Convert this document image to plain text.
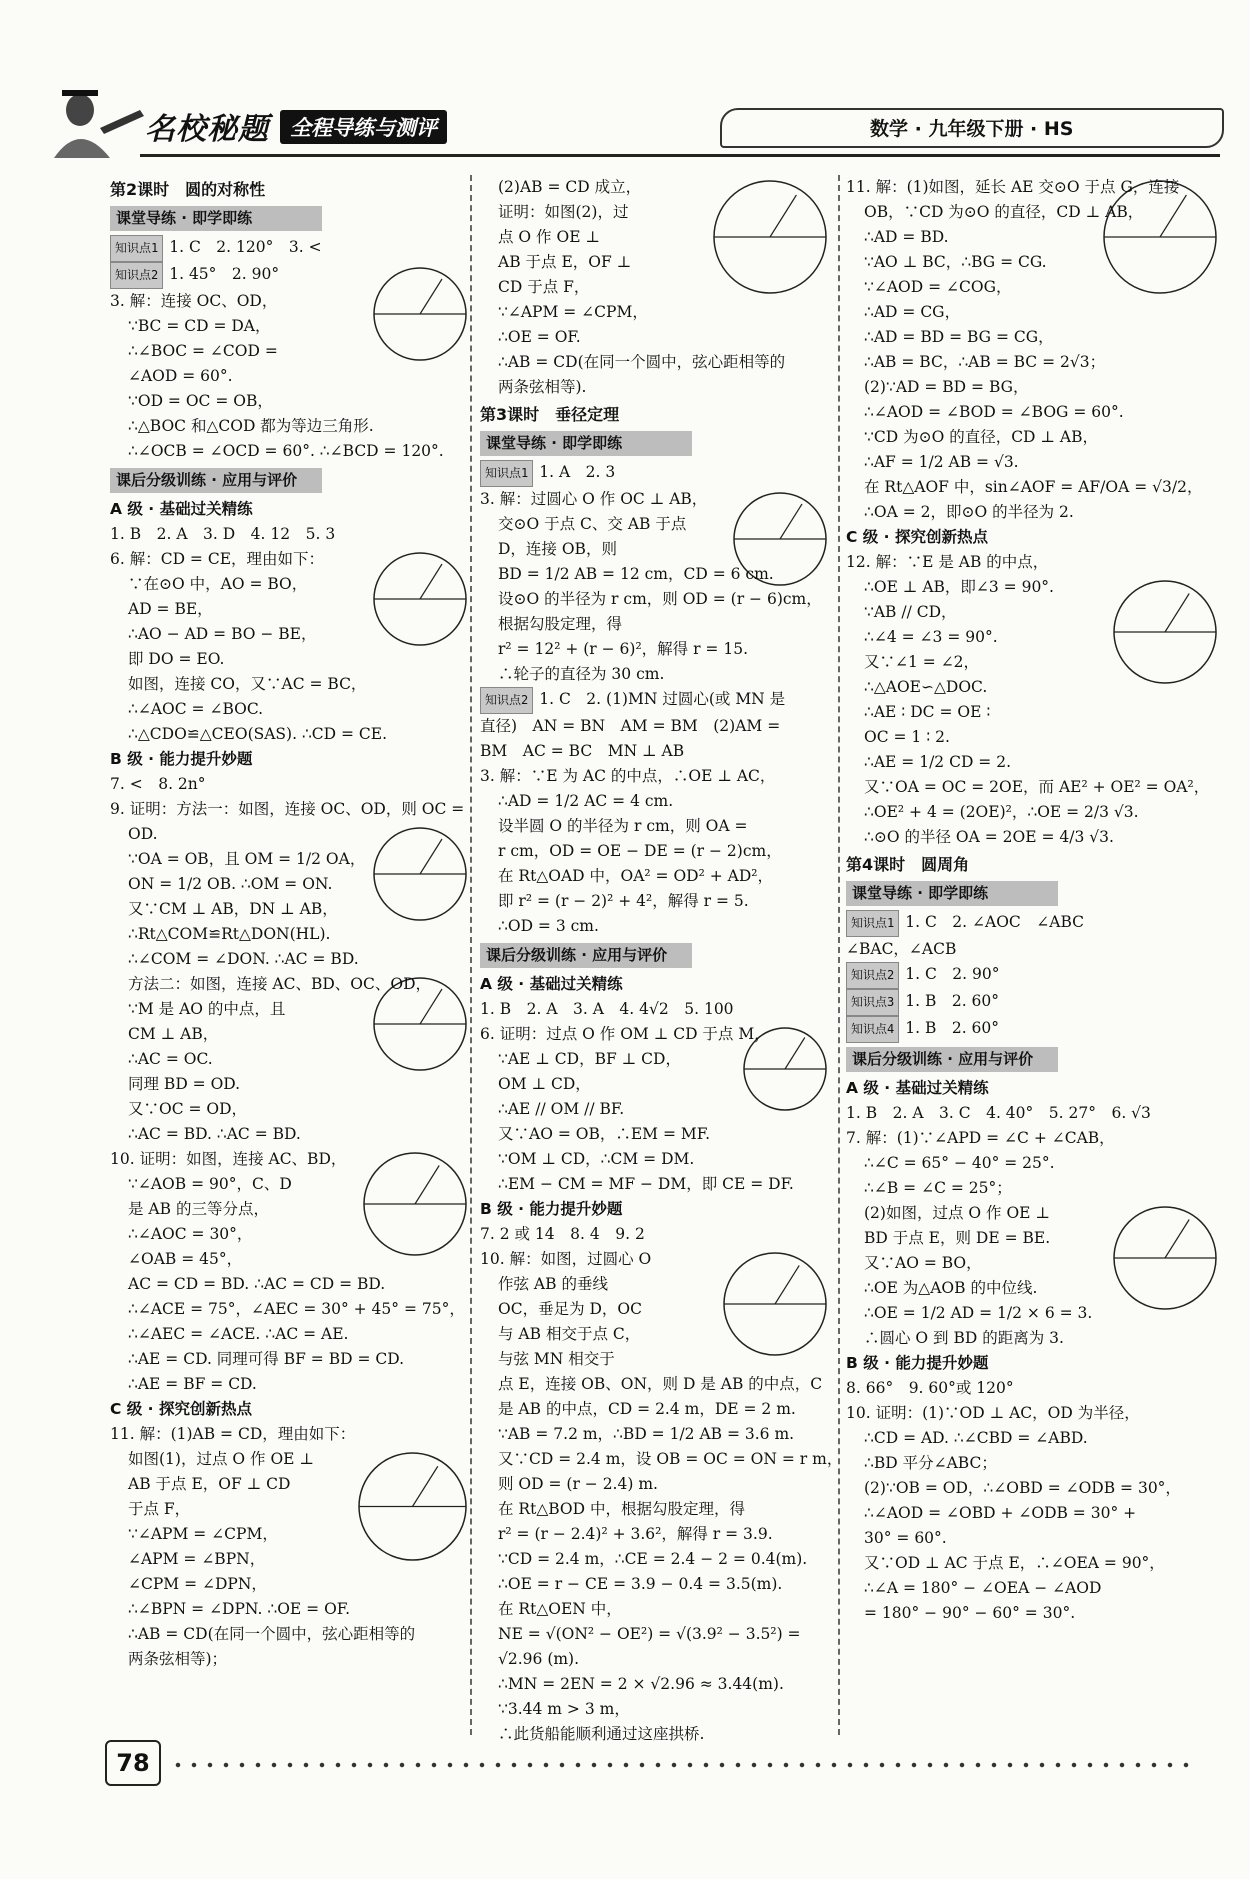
名校秘题	全程导练与测评	数学 · 九年级下册 · HS
第2课时　圆的对称性
课堂导练 · 即学即练
知识点1 1. C　2. 120°　3. <
知识点2 1. 45°　2. 90°
3. 解：连接 OC、OD，
∵BC = CD = DA，
∴∠BOC = ∠COD =
∠AOD = 60°.
∵OD = OC = OB，
∴△BOC 和△COD 都为等边三角形.
∴∠OCB = ∠OCD = 60°. ∴∠BCD = 120°.
课后分级训练 · 应用与评价
A 级 · 基础过关精练
1. B　2. A　3. D　4. 12　5. 3
6. 解：CD = CE，理由如下：
∵在⊙O 中，AO = BO，
AD = BE，
∴AO − AD = BO − BE，
即 DO = EO.
如图，连接 CO，又∵AC = BC，
∴∠AOC = ∠BOC.
∴△CDO≌△CEO(SAS). ∴CD = CE.
B 级 · 能力提升妙题
7. <　8. 2n°
9. 证明：方法一：如图，连接 OC、OD，则 OC =
OD.
∵OA = OB，且 OM = 1/2 OA，
ON = 1/2 OB. ∴OM = ON.
又∵CM ⊥ AB，DN ⊥ AB，
∴Rt△COM≌Rt△DON(HL).
∴∠COM = ∠DON. ∴AC = BD.
方法二：如图，连接 AC、BD、OC、OD，
∵M 是 AO 的中点，且
CM ⊥ AB，
∴AC = OC.
同理 BD = OD.
又∵OC = OD，
∴AC = BD. ∴AC = BD.
10. 证明：如图，连接 AC、BD，
∵∠AOB = 90°，C、D
是 AB 的三等分点，
∴∠AOC = 30°，
∠OAB = 45°，
AC = CD = BD. ∴AC = CD = BD.
∴∠ACE = 75°，∠AEC = 30° + 45° = 75°，
∴∠AEC = ∠ACE. ∴AC = AE.
∴AE = CD. 同理可得 BF = BD = CD.
∴AE = BF = CD.
C 级 · 探究创新热点
11. 解：(1)AB = CD，理由如下：
如图(1)，过点 O 作 OE ⊥
AB 于点 E，OF ⊥ CD
于点 F，
∵∠APM = ∠CPM，
∠APM = ∠BPN，
∠CPM = ∠DPN，
∴∠BPN = ∠DPN. ∴OE = OF.
∴AB = CD(在同一个圆中，弦心距相等的
两条弦相等)；
(2)AB = CD 成立，
证明：如图(2)，过
点 O 作 OE ⊥
AB 于点 E，OF ⊥
CD 于点 F，
∵∠APM = ∠CPM，
∴OE = OF.
∴AB = CD(在同一个圆中，弦心距相等的
两条弦相等).
第3课时　垂径定理
课堂导练 · 即学即练
知识点1 1. A　2. 3
3. 解：过圆心 O 作 OC ⊥ AB，
交⊙O 于点 C、交 AB 于点
D，连接 OB，则
BD = 1/2 AB = 12 cm，CD = 6 cm.
设⊙O 的半径为 r cm，则 OD = (r − 6)cm，
根据勾股定理，得
r² = 12² + (r − 6)²，解得 r = 15.
∴轮子的直径为 30 cm.
知识点2 1. C　2. (1)MN 过圆心(或 MN 是
直径)　AN = BN　AM = BM　(2)AM =
BM　AC = BC　MN ⊥ AB
3. 解：∵E 为 AC 的中点，∴OE ⊥ AC，
∴AD = 1/2 AC = 4 cm.
设半圆 O 的半径为 r cm，则 OA =
r cm，OD = OE − DE = (r − 2)cm，
在 Rt△OAD 中，OA² = OD² + AD²，
即 r² = (r − 2)² + 4²，解得 r = 5.
∴OD = 3 cm.
课后分级训练 · 应用与评价
A 级 · 基础过关精练
1. B　2. A　3. A　4. 4√2　5. 100
6. 证明：过点 O 作 OM ⊥ CD 于点 M，
∵AE ⊥ CD，BF ⊥ CD，
OM ⊥ CD，
∴AE // OM // BF.
又∵AO = OB，∴EM = MF.
∵OM ⊥ CD，∴CM = DM.
∴EM − CM = MF − DM，即 CE = DF.
B 级 · 能力提升妙题
7. 2 或 14　8. 4　9. 2
10. 解：如图，过圆心 O
作弦 AB 的垂线
OC，垂足为 D，OC
与 AB 相交于点 C，
与弦 MN 相交于
点 E，连接 OB、ON，则 D 是 AB 的中点，C
是 AB 的中点，CD = 2.4 m，DE = 2 m.
∵AB = 7.2 m，∴BD = 1/2 AB = 3.6 m.
又∵CD = 2.4 m，设 OB = OC = ON = r m，
则 OD = (r − 2.4) m.
在 Rt△BOD 中，根据勾股定理，得
r² = (r − 2.4)² + 3.6²，解得 r = 3.9.
∵CD = 2.4 m，∴CE = 2.4 − 2 = 0.4(m).
∴OE = r − CE = 3.9 − 0.4 = 3.5(m).
在 Rt△OEN 中，
NE = √(ON² − OE²) = √(3.9² − 3.5²) =
√2.96 (m).
∴MN = 2EN = 2 × √2.96 ≈ 3.44(m).
∵3.44 m > 3 m，
∴此货船能顺利通过这座拱桥.
11. 解：(1)如图，延长 AE 交⊙O 于点 G，连接
OB，∵CD 为⊙O 的直径，CD ⊥ AB，
∴AD = BD.
∵AO ⊥ BC，∴BG = CG.
∵∠AOD = ∠COG，
∴AD = CG，
∴AD = BD = BG = CG，
∴AB = BC，∴AB = BC = 2√3；
(2)∵AD = BD = BG，
∴∠AOD = ∠BOD = ∠BOG = 60°.
∵CD 为⊙O 的直径，CD ⊥ AB，
∴AF = 1/2 AB = √3.
在 Rt△AOF 中，sin∠AOF = AF/OA = √3/2，
∴OA = 2，即⊙O 的半径为 2.
C 级 · 探究创新热点
12. 解：∵E 是 AB 的中点，
∴OE ⊥ AB，即∠3 = 90°.
∵AB // CD，
∴∠4 = ∠3 = 90°.
又∵∠1 = ∠2，
∴△AOE∽△DOC.
∴AE ∶ DC = OE ∶
OC = 1 ∶ 2.
∴AE = 1/2 CD = 2.
又∵OA = OC = 2OE，而 AE² + OE² = OA²，
∴OE² + 4 = (2OE)²，∴OE = 2/3 √3.
∴⊙O 的半径 OA = 2OE = 4/3 √3.
第4课时　圆周角
课堂导练 · 即学即练
知识点1 1. C　2. ∠AOC　∠ABC
∠BAC，∠ACB
知识点2 1. C　2. 90°
知识点3 1. B　2. 60°
知识点4 1. B　2. 60°
课后分级训练 · 应用与评价
A 级 · 基础过关精练
1. B　2. A　3. C　4. 40°　5. 27°　6. √3
7. 解：(1)∵∠APD = ∠C + ∠CAB，
∴∠C = 65° − 40° = 25°.
∴∠B = ∠C = 25°；
(2)如图，过点 O 作 OE ⊥
BD 于点 E，则 DE = BE.
又∵AO = BO，
∴OE 为△AOB 的中位线.
∴OE = 1/2 AD = 1/2 × 6 = 3.
∴圆心 O 到 BD 的距离为 3.
B 级 · 能力提升妙题
8. 66°　9. 60°或 120°
10. 证明：(1)∵OD ⊥ AC，OD 为半径，
∴CD = AD. ∴∠CBD = ∠ABD.
∴BD 平分∠ABC；
(2)∵OB = OD，∴∠OBD = ∠ODB = 30°，
∴∠AOD = ∠OBD + ∠ODB = 30° +
30° = 60°.
又∵OD ⊥ AC 于点 E，∴∠OEA = 90°，
∴∠A = 180° − ∠OEA − ∠AOD
= 180° − 90° − 60° = 30°.
78
